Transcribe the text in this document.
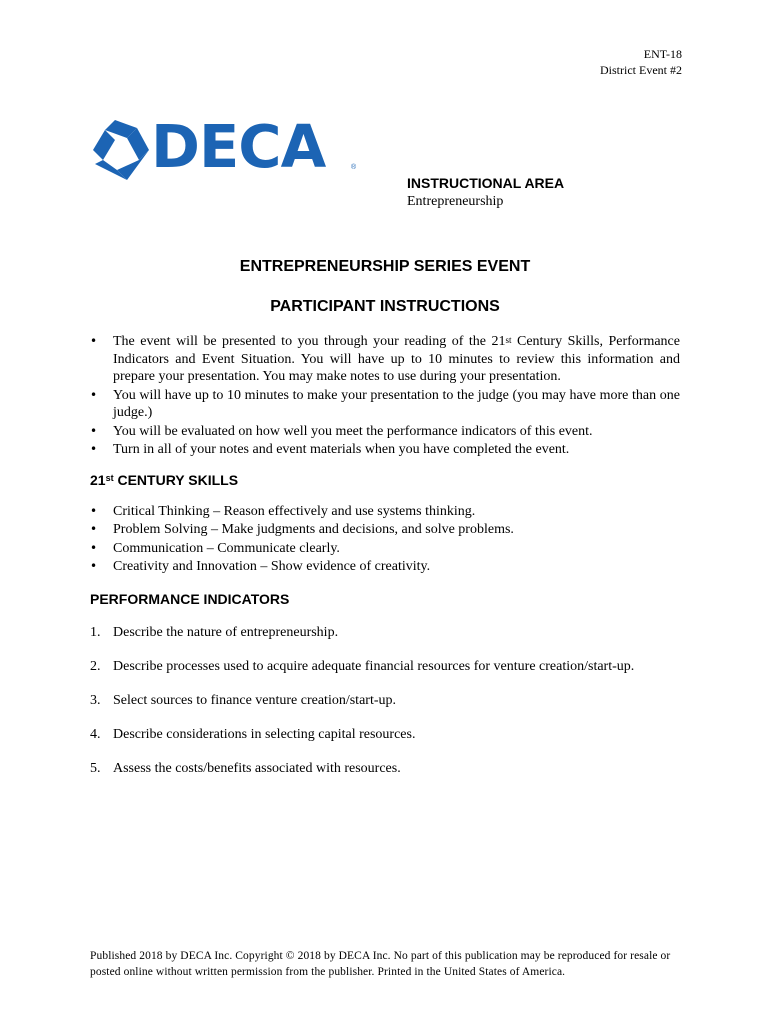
ENT-18
District Event #2
DECA	®
INSTRUCTIONAL AREA
Entrepreneurship
ENTREPRENEURSHIP SERIES EVENT
PARTICIPANT INSTRUCTIONS
• The event will be presented to you through your reading of the 21st Century Skills, Performance Indicators and Event Situation. You will have up to 10 minutes to review this information and prepare your presentation. You may make notes to use during your presentation.
• You will have up to 10 minutes to make your presentation to the judge (you may have more than one judge.)
• You will be evaluated on how well you meet the performance indicators of this event.
• Turn in all of your notes and event materials when you have completed the event.
21st CENTURY SKILLS
• Critical Thinking – Reason effectively and use systems thinking.
• Problem Solving – Make judgments and decisions, and solve problems.
• Communication – Communicate clearly.
• Creativity and Innovation – Show evidence of creativity.
PERFORMANCE INDICATORS
1. Describe the nature of entrepreneurship.
2. Describe processes used to acquire adequate financial resources for venture creation/start-up.
3. Select sources to finance venture creation/start-up.
4. Describe considerations in selecting capital resources.
5. Assess the costs/benefits associated with resources.
Published 2018 by DECA Inc. Copyright © 2018 by DECA Inc. No part of this publication may be reproduced for resale or posted online without written permission from the publisher. Printed in the United States of America.
